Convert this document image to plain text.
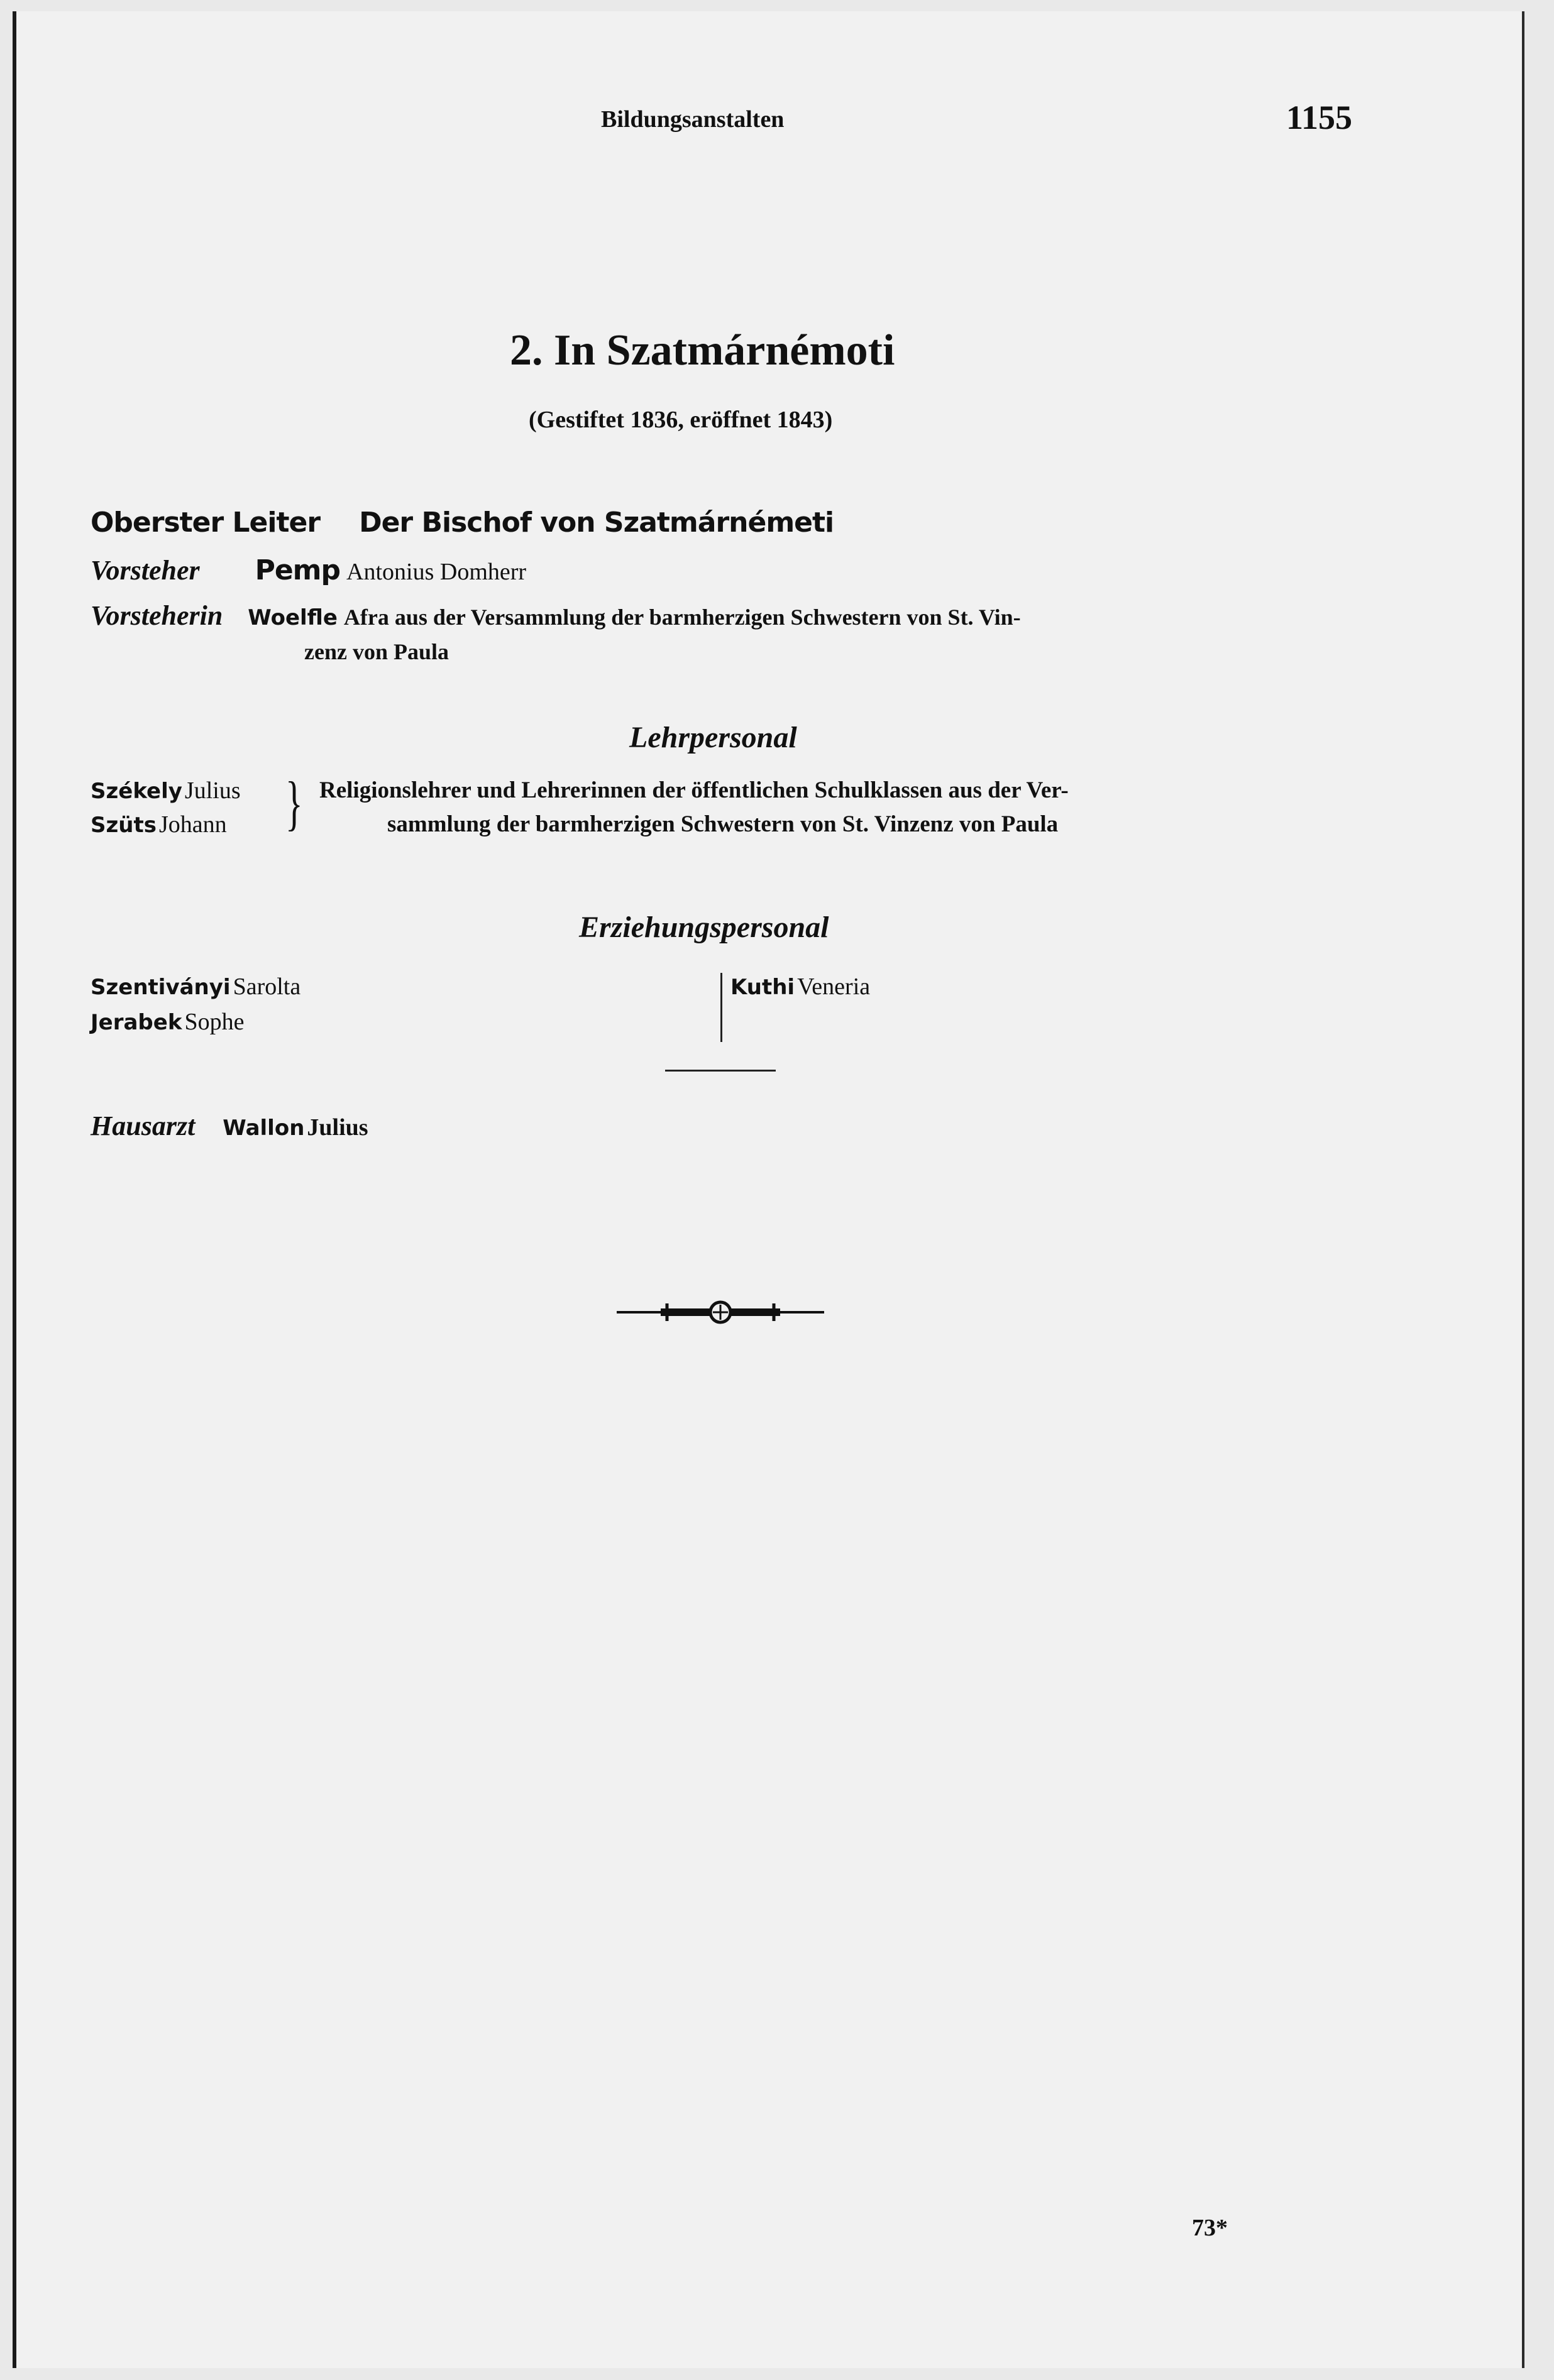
Bildungsanstalten	1155
2. In Szatmárnémoti
(Gestiftet 1836, eröffnet 1843)
Oberster Leiter Der Bischof von Szatmárnémeti
Vorsteher Pemp Antonius Domherr
Vorsteherin Woelfle Afra aus der Versammlung der barmherzigen Schwestern von St. Vin-
zenz von Paula
Lehrpersonal
Székely Julius
Szüts Johann } Religionslehrer und Lehrerinnen der öffentlichen Schulklassen aus der Ver-
sammlung der barmherzigen Schwestern von St. Vinzenz von Paula
Erziehungspersonal
Szentiványi Sarolta
Jerabek Sophe
Kuthi Veneria
Hausarzt Wallon Julius
73*
